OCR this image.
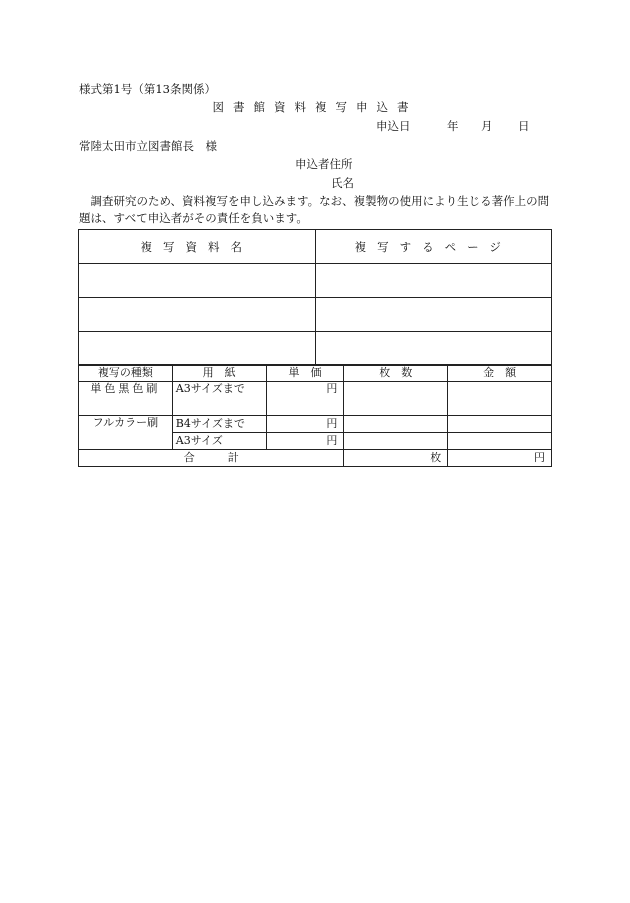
様式第1号（第13条関係）
図書館資料複写申込書
申込日	年 月 日
常陸太田市立図書館長　様
申込者住所
氏名
調査研究のため、資料複写を申し込みます。なお、複製物の使用により生じる著作上の問題は、すべて申込者がその責任を負います。
複写資料名	複写するページ

複写の種類	用　紙	単　価	枚　数	金　額
単色黒色刷	A3サイズまで	円		
フルカラー刷	B4サイズまで	円		
	A3サイズ	円		
合　　　計			枚	円
